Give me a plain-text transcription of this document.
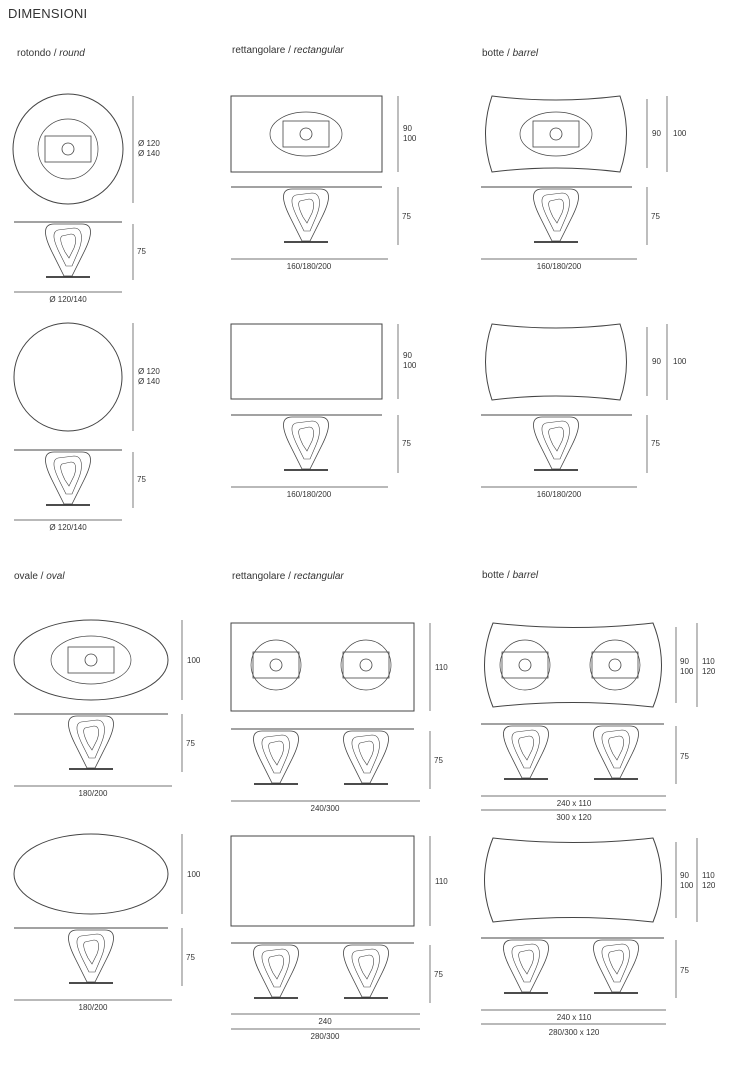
DIMENSIONI
rotondo / round	rettangolare / rectangular	botte / barrel
Ø 120
Ø 140
75
Ø 120/140
Ø 120
Ø 140
75
Ø 120/140
90
100
75
160/180/200
90
100
75
160/180/200
90 100
75
160/180/200
90 100
75
160/180/200
ovale / oval	rettangolare / rectangular	botte / barrel
100
75
180/200
100
75
180/200
110
75
240/300
110
75
240
280/300
90
100
110
120
75
240 x 110
300 x 120
90
100
110
120
75
240 x 110
280/300 x 120
